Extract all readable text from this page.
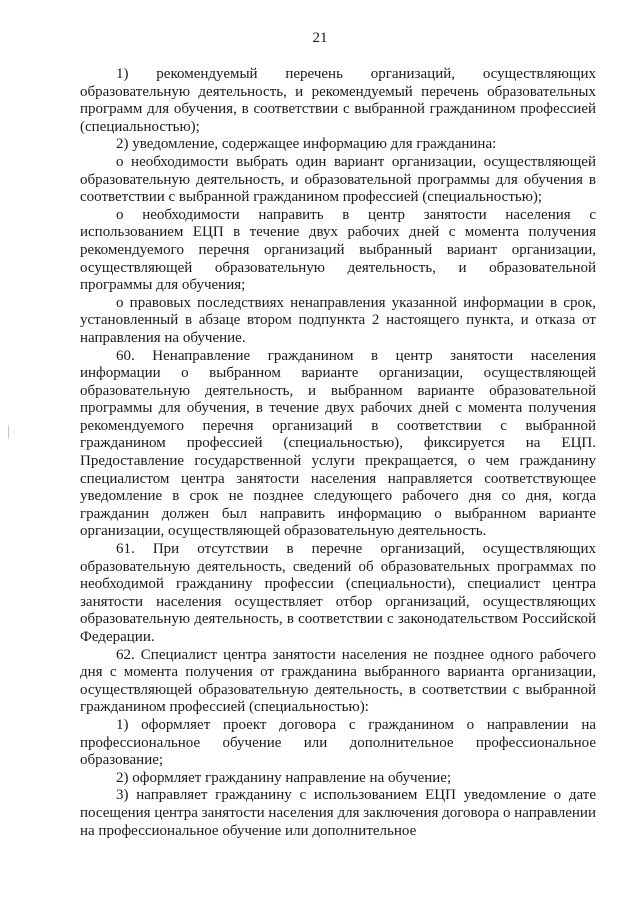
21

1) рекомендуемый перечень организаций, осуществляющих образовательную деятельность, и рекомендуемый перечень образовательных программ для обучения, в соответствии с выбранной гражданином профессией (специальностью);

2) уведомление, содержащее информацию для гражданина:

о необходимости выбрать один вариант организации, осуществляющей образовательную деятельность, и образовательной программы для обучения в соответствии с выбранной гражданином профессией (специальностью);

о необходимости направить в центр занятости населения с использованием ЕЦП в течение двух рабочих дней с момента получения рекомендуемого перечня организаций выбранный вариант организации, осуществляющей образовательную деятельность, и образовательной программы для обучения;

о правовых последствиях ненаправления указанной информации в срок, установленный в абзаце втором подпункта 2 настоящего пункта, и отказа от направления на обучение.

60. Ненаправление гражданином в центр занятости населения информации о выбранном варианте организации, осуществляющей образовательную деятельность, и выбранном варианте образовательной программы для обучения, в течение двух рабочих дней с момента получения рекомендуемого перечня организаций в соответствии с выбранной гражданином профессией (специальностью), фиксируется на ЕЦП. Предоставление государственной услуги прекращается, о чем гражданину специалистом центра занятости населения направляется соответствующее уведомление в срок не позднее следующего рабочего дня со дня, когда гражданин должен был направить информацию о выбранном варианте организации, осуществляющей образовательную деятельность.

61. При отсутствии в перечне организаций, осуществляющих образовательную деятельность, сведений об образовательных программах по необходимой гражданину профессии (специальности), специалист центра занятости населения осуществляет отбор организаций, осуществляющих образовательную деятельность, в соответствии с законодательством Российской Федерации.

62. Специалист центра занятости населения не позднее одного рабочего дня с момента получения от гражданина выбранного варианта организации, осуществляющей образовательную деятельность, в соответствии с выбранной гражданином профессией (специальностью):

1) оформляет проект договора с гражданином о направлении на профессиональное обучение или дополнительное профессиональное образование;

2) оформляет гражданину направление на обучение;

3) направляет гражданину с использованием ЕЦП уведомление о дате посещения центра занятости населения для заключения договора о направлении на профессиональное обучение или дополнительное
